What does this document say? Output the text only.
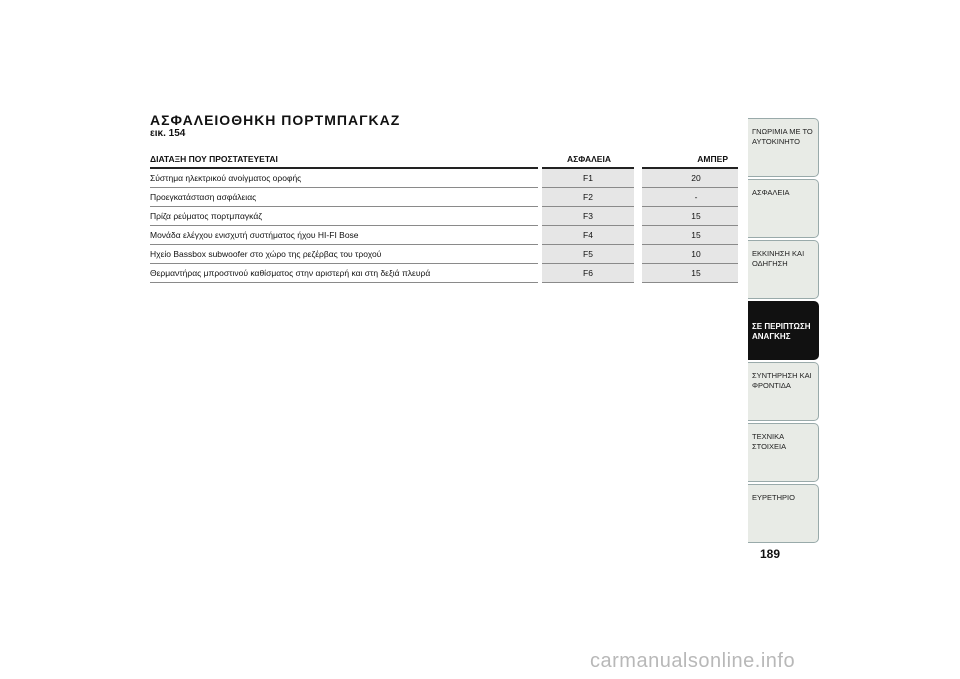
ΑΣΦΑΛΕΙΟΘΗΚΗ ΠΟΡΤΜΠΑΓΚΑΖ
εικ. 154
ΔΙΑΤΑΞΗ ΠΟΥ ΠΡΟΣΤΑΤΕΥΕΤΑΙ	ΑΣΦΑΛΕΙΑ	ΑΜΠΕΡ
Σύστημα ηλεκτρικού ανοίγματος οροφής	F1	20
Προεγκατάσταση ασφάλειας	F2	-
Πρίζα ρεύματος πορτμπαγκάζ	F3	15
Μονάδα ελέγχου ενισχυτή συστήματος ήχου HI-FI Bose	F4	15
Ηχείο Bassbox subwoofer στο χώρο της ρεζέρβας του τροχού	F5	10
Θερμαντήρας μπροστινού καθίσματος στην αριστερή και στη δεξιά πλευρά	F6	15
ΓΝΩΡΙΜΙΑ ΜΕ ΤΟ ΑΥΤΟΚΙΝΗΤΟ
ΑΣΦΑΛΕΙΑ
ΕΚΚΙΝΗΣΗ ΚΑΙ ΟΔΗΓΗΣΗ
ΣΕ ΠΕΡΙΠΤΩΣΗ ΑΝΑΓΚΗΣ
ΣΥΝΤΗΡΗΣΗ ΚΑΙ ΦΡΟΝΤΙΔΑ
ΤΕΧΝΙΚΑ ΣΤΟΙΧΕΙΑ
ΕΥΡΕΤΗΡΙΟ
189
carmanualsonline.info
